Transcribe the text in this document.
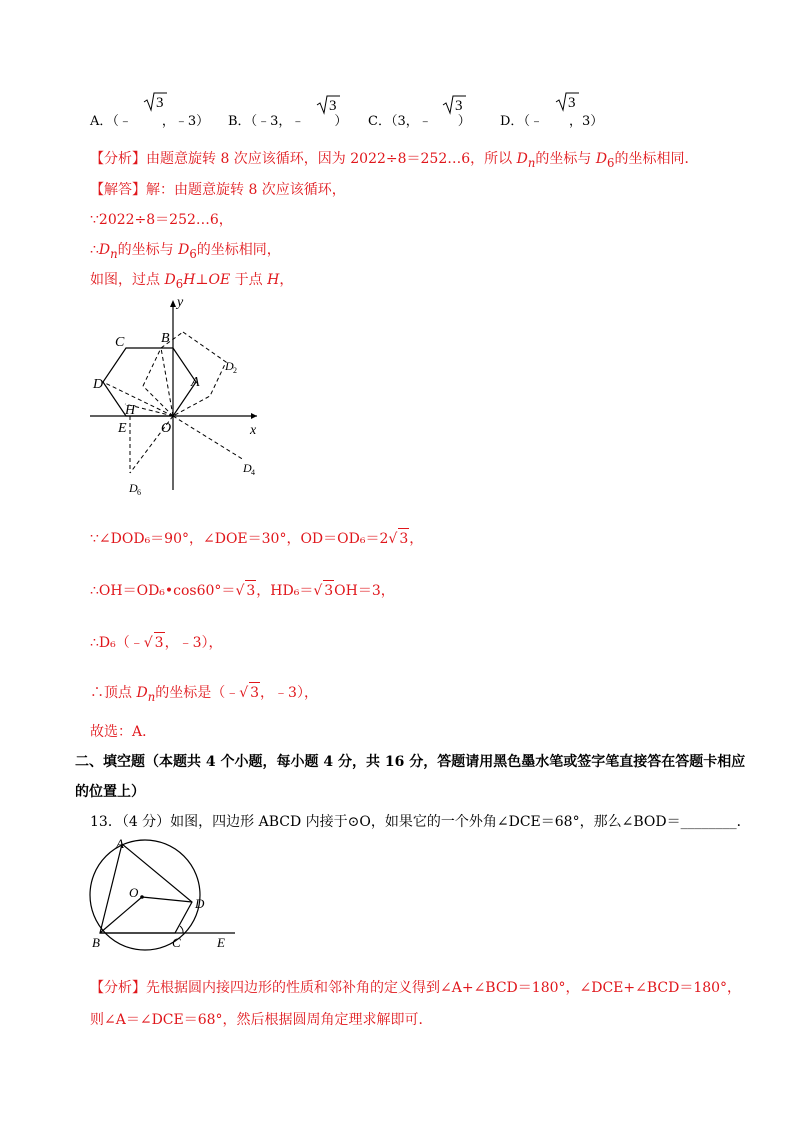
A．（﹣ ，﹣3） B．（﹣3，﹣ ） C．（3，﹣ ） D．（﹣ ，3）
3	3	3	3
【分析】由题意旋转 8 次应该循环，因为 2022÷8＝252…6，所以 $D_n$的坐标与 $D_6$的坐标相同．
【解答】解：由题意旋转 8 次应该循环，
∵2022÷8＝252…6，
$\therefore D_n$的坐标与 $D_6$的坐标相同，
如图，过点 $D_6H\perp OE$ 于点 H，
y
x
B
C
D	A
D 2
H
E O
D 4
D 6
∵∠DOD₆＝90°，∠DOE＝30°，OD＝OD₆＝2√ 3，
∴OH＝OD₆•cos60°＝√ 3，HD₆＝√ 3OH＝3，
∴D₆（﹣√ 3，﹣3），
∴顶点 $D_n$的坐标是（﹣√ 3，﹣3），
故选：A．
二、填空题（本题共 4 个小题，每小题 4 分，共 16 分，答题请用黑色墨水笔或签字笔直接答在答题卡相应
的位置上）
13．（4 分）如图，四边形 ABCD 内接于⊙O，如果它的一个外角∠DCE＝68°，那么∠BOD＝________．
A
O
D
B	C	E
【分析】先根据圆内接四边形的性质和邻补角的定义得到∠A+∠BCD＝180°，∠DCE+∠BCD＝180°，
则∠A＝∠DCE＝68°，然后根据圆周角定理求解即可．
